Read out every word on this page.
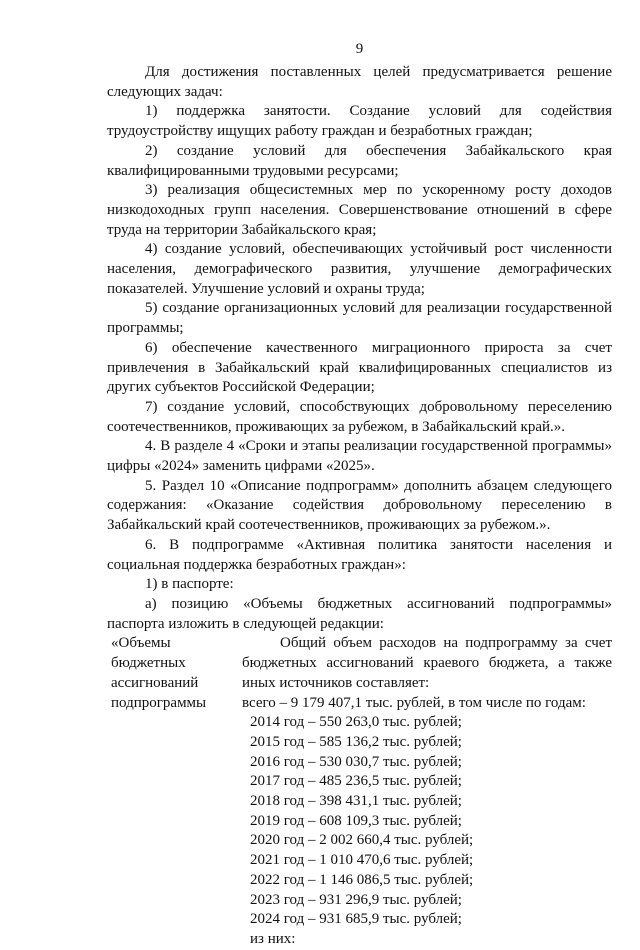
9

Для достижения поставленных целей предусматривается решение следующих задач:

1) поддержка занятости. Создание условий для содействия трудоустройству ищущих работу граждан и безработных граждан;

2) создание условий для обеспечения Забайкальского края квалифицированными трудовыми ресурсами;

3) реализация общесистемных мер по ускоренному росту доходов низкодоходных групп населения. Совершенствование отношений в сфере труда на территории Забайкальского края;

4) создание условий, обеспечивающих устойчивый рост численности населения, демографического развития, улучшение демографических показателей. Улучшение условий и охраны труда;

5) создание организационных условий для реализации государственной программы;

6) обеспечение качественного миграционного прироста за счет привлечения в Забайкальский край квалифицированных специалистов из других субъектов Российской Федерации;

7) создание условий, способствующих добровольному переселению соотечественников, проживающих за рубежом, в Забайкальский край.».

4. В разделе 4 «Сроки и этапы реализации государственной программы» цифры «2024» заменить цифрами «2025».

5. Раздел 10 «Описание подпрограмм» дополнить абзацем следующего содержания: «Оказание содействия добровольному переселению в Забайкальский край соотечественников, проживающих за рубежом.».

6. В подпрограмме «Активная политика занятости населения и социальная поддержка безработных граждан»:

1) в паспорте:

а) позицию «Объемы бюджетных ассигнований подпрограммы» паспорта изложить в следующей редакции:

«Объемы
бюджетных
ассигнований
подпрограммы

Общий объем расходов на подпрограмму за счет бюджетных ассигнований краевого бюджета, а также иных источников составляет:

всего – 9 179 407,1 тыс. рублей, в том числе по годам:

2014 год – 550 263,0 тыс. рублей;
2015 год – 585 136,2 тыс. рублей;
2016 год – 530 030,7 тыс. рублей;
2017 год – 485 236,5 тыс. рублей;
2018 год – 398 431,1 тыс. рублей;
2019 год – 608 109,3 тыс. рублей;
2020 год – 2 002 660,4 тыс. рублей;
2021 год – 1 010 470,6 тыс. рублей;
2022 год – 1 146 086,5 тыс. рублей;
2023 год – 931 296,9 тыс. рублей;
2024 год – 931 685,9 тыс. рублей;
из них:
